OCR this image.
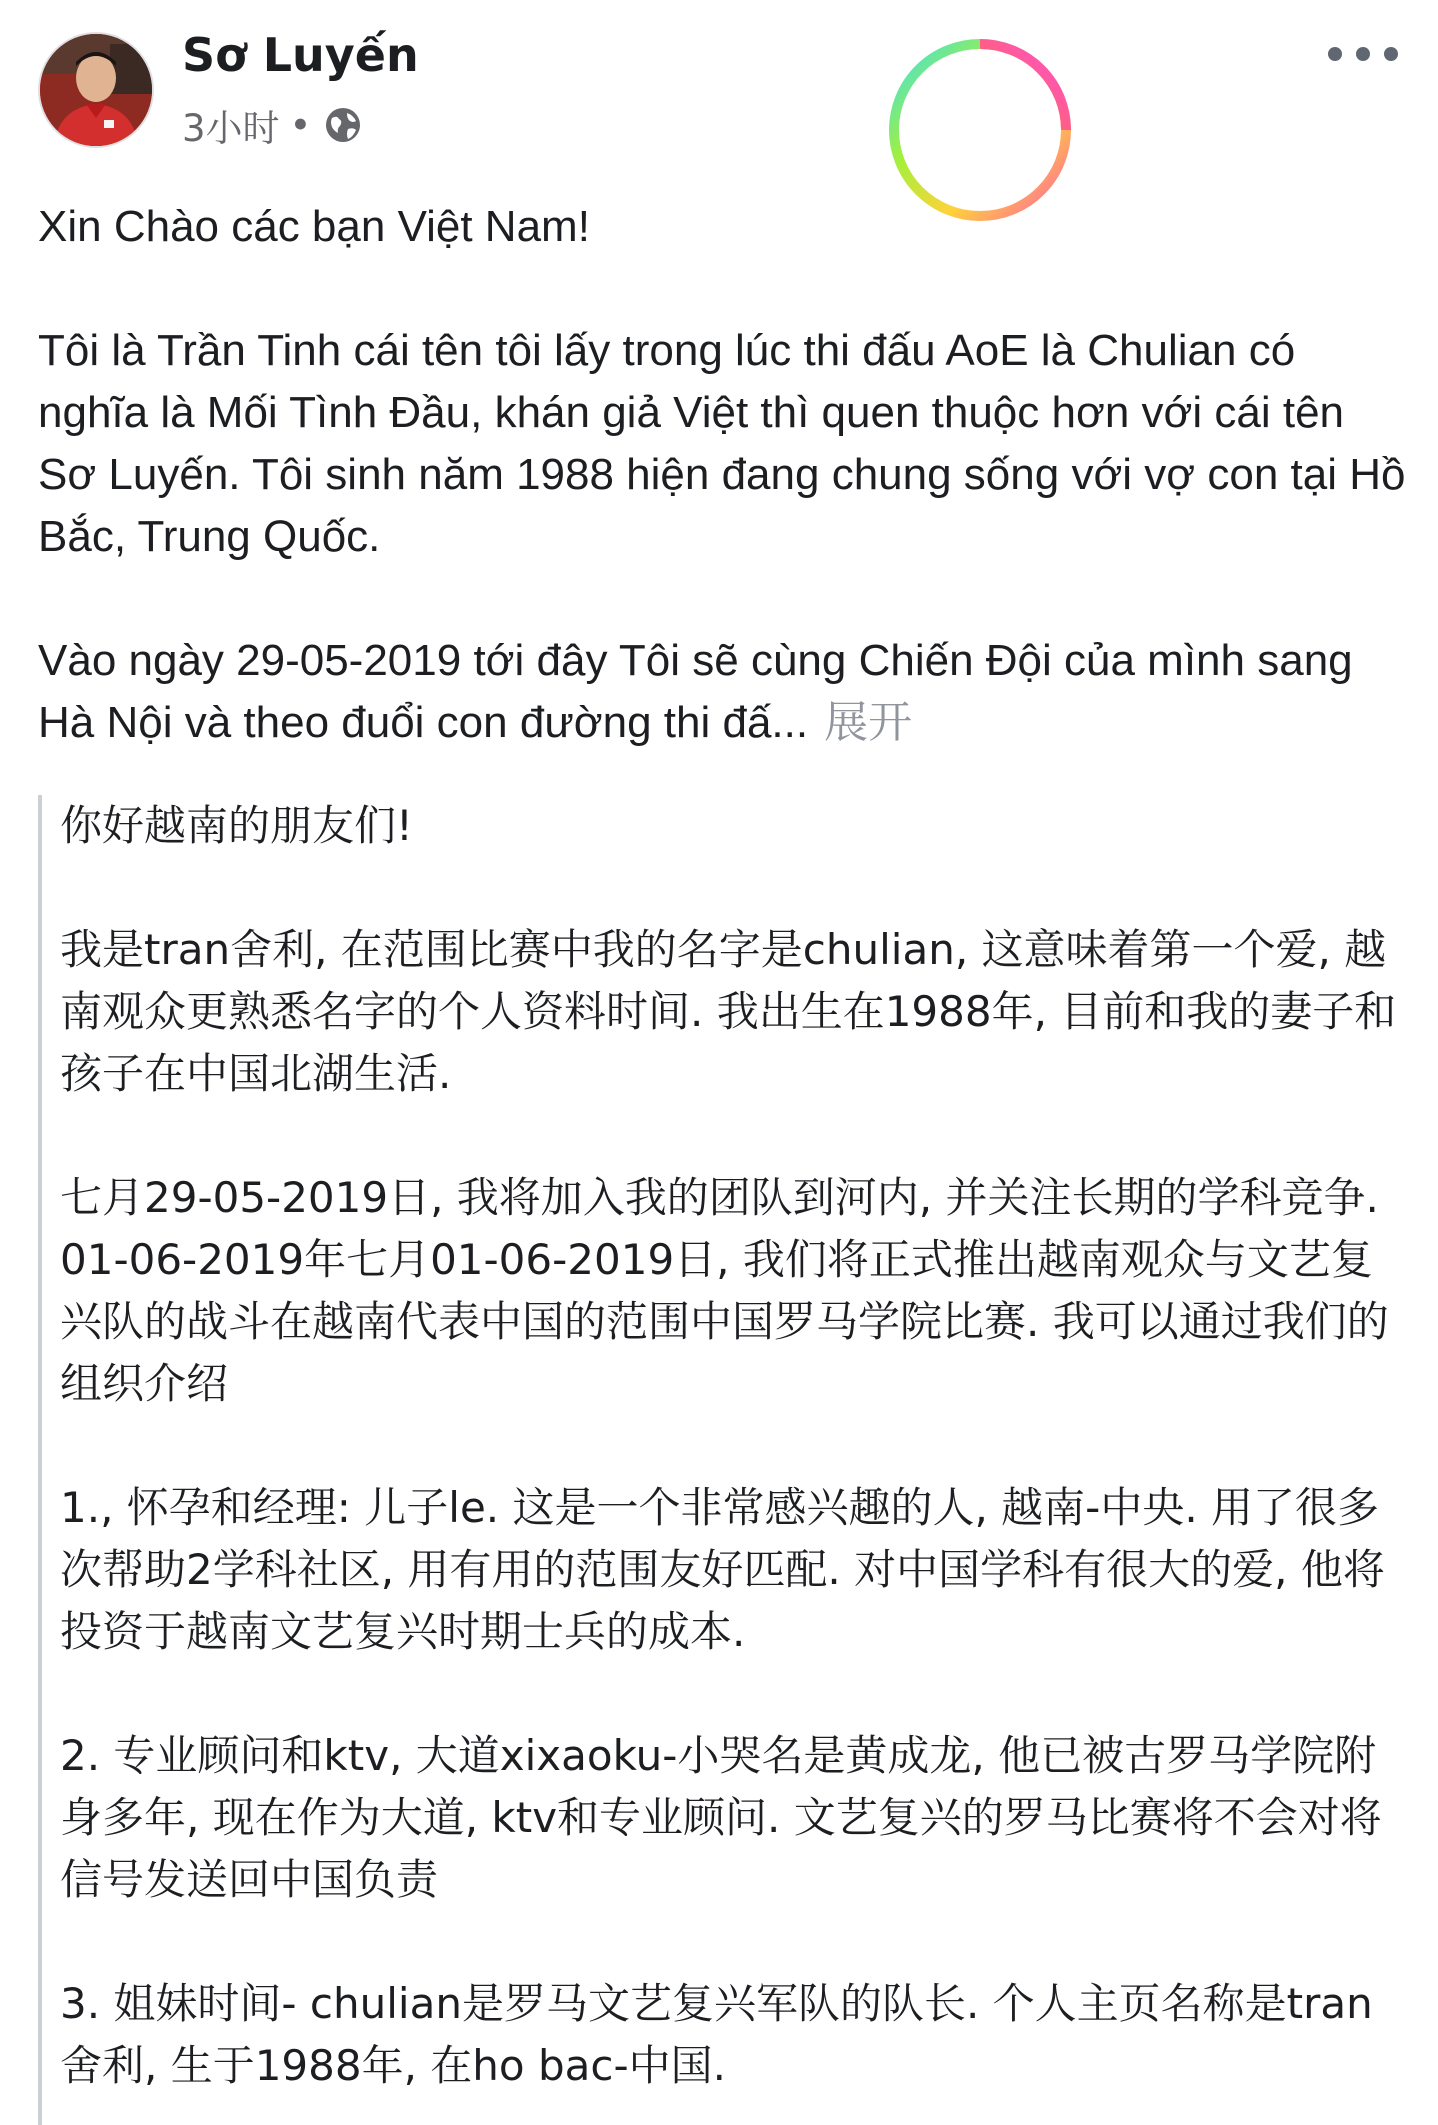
Sơ Luyến
3小时 •

Xin Chào các bạn Việt Nam!

Tôi là Trần Tinh cái tên tôi lấy trong lúc thi đấu AoE là Chulian có nghĩa là Mối Tình Đầu, khán giả Việt thì quen thuộc hơn với cái tên Sơ Luyến. Tôi sinh năm 1988 hiện đang chung sống với vợ con tại Hồ Bắc, Trung Quốc.

Vào ngày 29-05-2019 tới đây Tôi sẽ cùng Chiến Đội của mình sang Hà Nội và theo đuổi con đường thi đấ... 展开

你好越南的朋友们!

我是tran舍利, 在范围比赛中我的名字是chulian, 这意味着第一个爱, 越南观众更熟悉名字的个人资料时间. 我出生在1988年, 目前和我的妻子和孩子在中国北湖生活.

七月29-05-2019日, 我将加入我的团队到河内, 并关注长期的学科竞争. 01-06-2019年七月01-06-2019日, 我们将正式推出越南观众与文艺复兴队的战斗在越南代表中国的范围中国罗马学院比赛. 我可以通过我们的组织介绍

1., 怀孕和经理: 儿子le. 这是一个非常感兴趣的人, 越南-中央. 用了很多次帮助2学科社区, 用有用的范围友好匹配. 对中国学科有很大的爱, 他将投资于越南文艺复兴时期士兵的成本.

2. 专业顾问和ktv, 大道xixaoku-小哭名是黄成龙, 他已被古罗马学院附身多年, 现在作为大道, ktv和专业顾问. 文艺复兴的罗马比赛将不会对将信号发送回中国负责

3. 姐妹时间- chulian是罗马文艺复兴军队的队长. 个人主页名称是tran舍利, 生于1988年, 在ho bac-中国.
